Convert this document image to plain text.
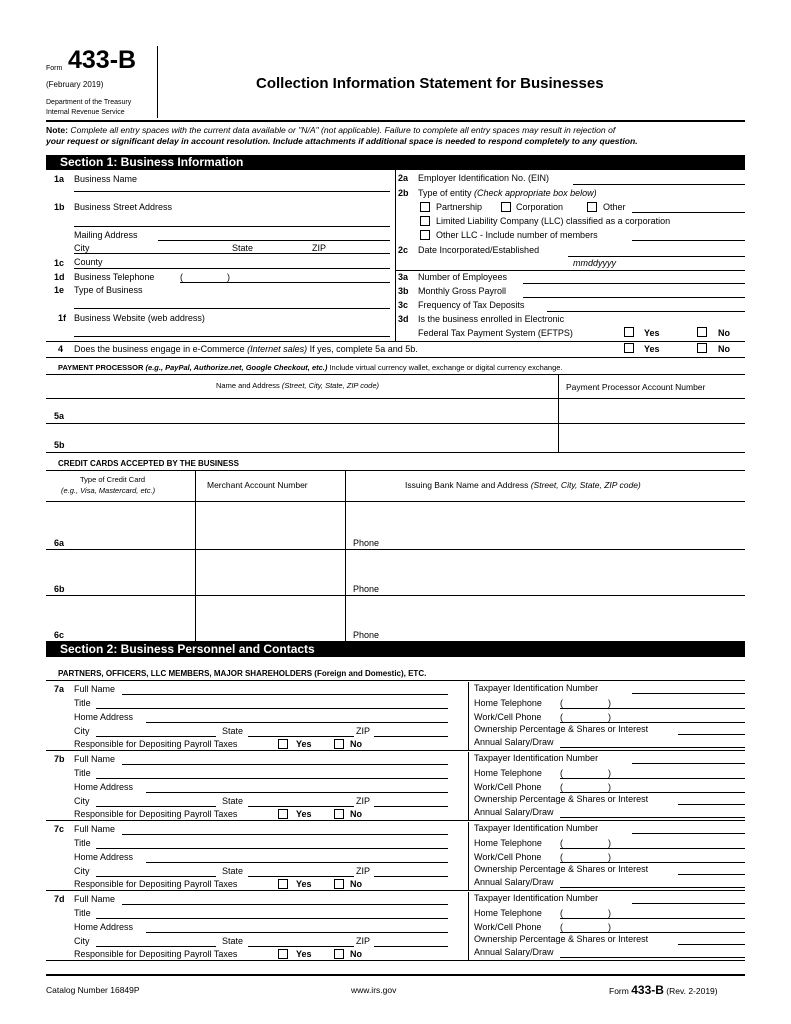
Form 433-B
(February 2019)
Department of the Treasury
Internal Revenue Service
Collection Information Statement for Businesses
Note: Complete all entry spaces with the current data available or "N/A" (not applicable). Failure to complete all entry spaces may result in rejection of
your request or significant delay in account resolution. Include attachments if additional space is needed to respond completely to any question.
Section 1: Business Information
1a Business Name
1b Business Street Address
Mailing Address
City	State	ZIP
1c County
1d Business Telephone	(	)
1e Type of Business
1f Business Website (web address)
2a Employer Identification No. (EIN)
2b Type of entity (Check appropriate box below)
Partnership	Corporation	Other
Limited Liability Company (LLC) classified as a corporation
Other LLC - Include number of members
2c Date Incorporated/Established
mmddyyyy
3a Number of Employees
3b Monthly Gross Payroll
3c Frequency of Tax Deposits
3d Is the business enrolled in Electronic
Federal Tax Payment System (EFTPS)	Yes	No
4 Does the business engage in e-Commerce (Internet sales) If yes, complete 5a and 5b.	Yes	No
PAYMENT PROCESSOR (e.g., PayPal, Authorize.net, Google Checkout, etc.) Include virtual currency wallet, exchange or digital currency exchange.
Name and Address (Street, City, State, ZIP code)	Payment Processor Account Number
5a
5b
CREDIT CARDS ACCEPTED BY THE BUSINESS
Type of Credit Card
(e.g., Visa, Mastercard, etc.)
Merchant Account Number	Issuing Bank Name and Address (Street, City, State, ZIP code)
6a	Phone
6b	Phone
6c	Phone
Section 2: Business Personnel and Contacts
PARTNERS, OFFICERS, LLC MEMBERS, MAJOR SHAREHOLDERS (Foreign and Domestic), ETC.
7a Full Name
Title
Home Address
City	State	ZIP
Responsible for Depositing Payroll Taxes	Yes	No
Taxpayer Identification Number
Home Telephone (	)
Work/Cell Phone (	)
Ownership Percentage & Shares or Interest
Annual Salary/Draw
7b Full Name
Title
Home Address
City	State	ZIP
Responsible for Depositing Payroll Taxes	Yes	No
Taxpayer Identification Number
Home Telephone (	)
Work/Cell Phone (	)
Ownership Percentage & Shares or Interest
Annual Salary/Draw
7c Full Name
Title
Home Address
City	State	ZIP
Responsible for Depositing Payroll Taxes	Yes	No
Taxpayer Identification Number
Home Telephone (	)
Work/Cell Phone (	)
Ownership Percentage & Shares or Interest
Annual Salary/Draw
7d Full Name
Title
Home Address
City	State	ZIP
Responsible for Depositing Payroll Taxes	Yes	No
Taxpayer Identification Number
Home Telephone (	)
Work/Cell Phone (	)
Ownership Percentage & Shares or Interest
Annual Salary/Draw
Catalog Number 16849P	www.irs.gov	Form 433-B (Rev. 2-2019)
